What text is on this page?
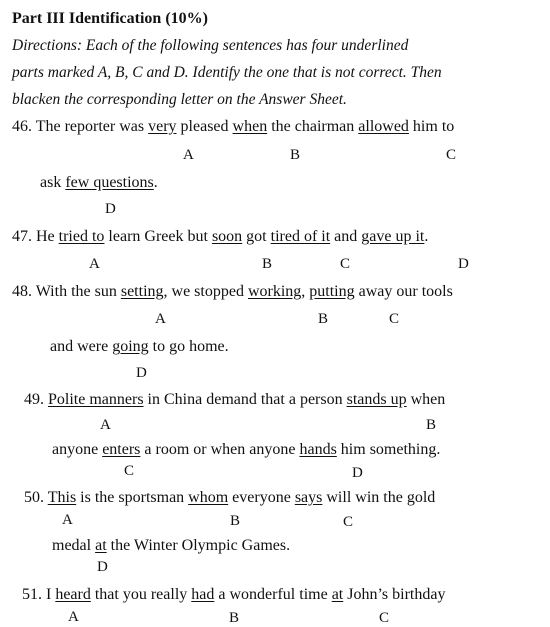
Part III Identification (10%)
Directions: Each of the following sentences has four underlined
parts marked A, B, C and D. Identify the one that is not correct. Then
blacken the corresponding letter on the Answer Sheet.
46. The reporter was very pleased when the chairman allowed him to
A	B	C
ask few questions.
D
47. He tried to learn Greek but soon got tired of it and gave up it.
A	B	C	D
48. With the sun setting, we stopped working, putting away our tools
A	B	C
and were going to go home.
D
49. Polite manners in China demand that a person stands up when
A	B
anyone enters a room or when anyone hands him something.
C	D
50. This is the sportsman whom everyone says will win the gold
A	B	C
medal at the Winter Olympic Games.
D
51. I heard that you really had a wonderful time at John’s birthday
A	B	C
